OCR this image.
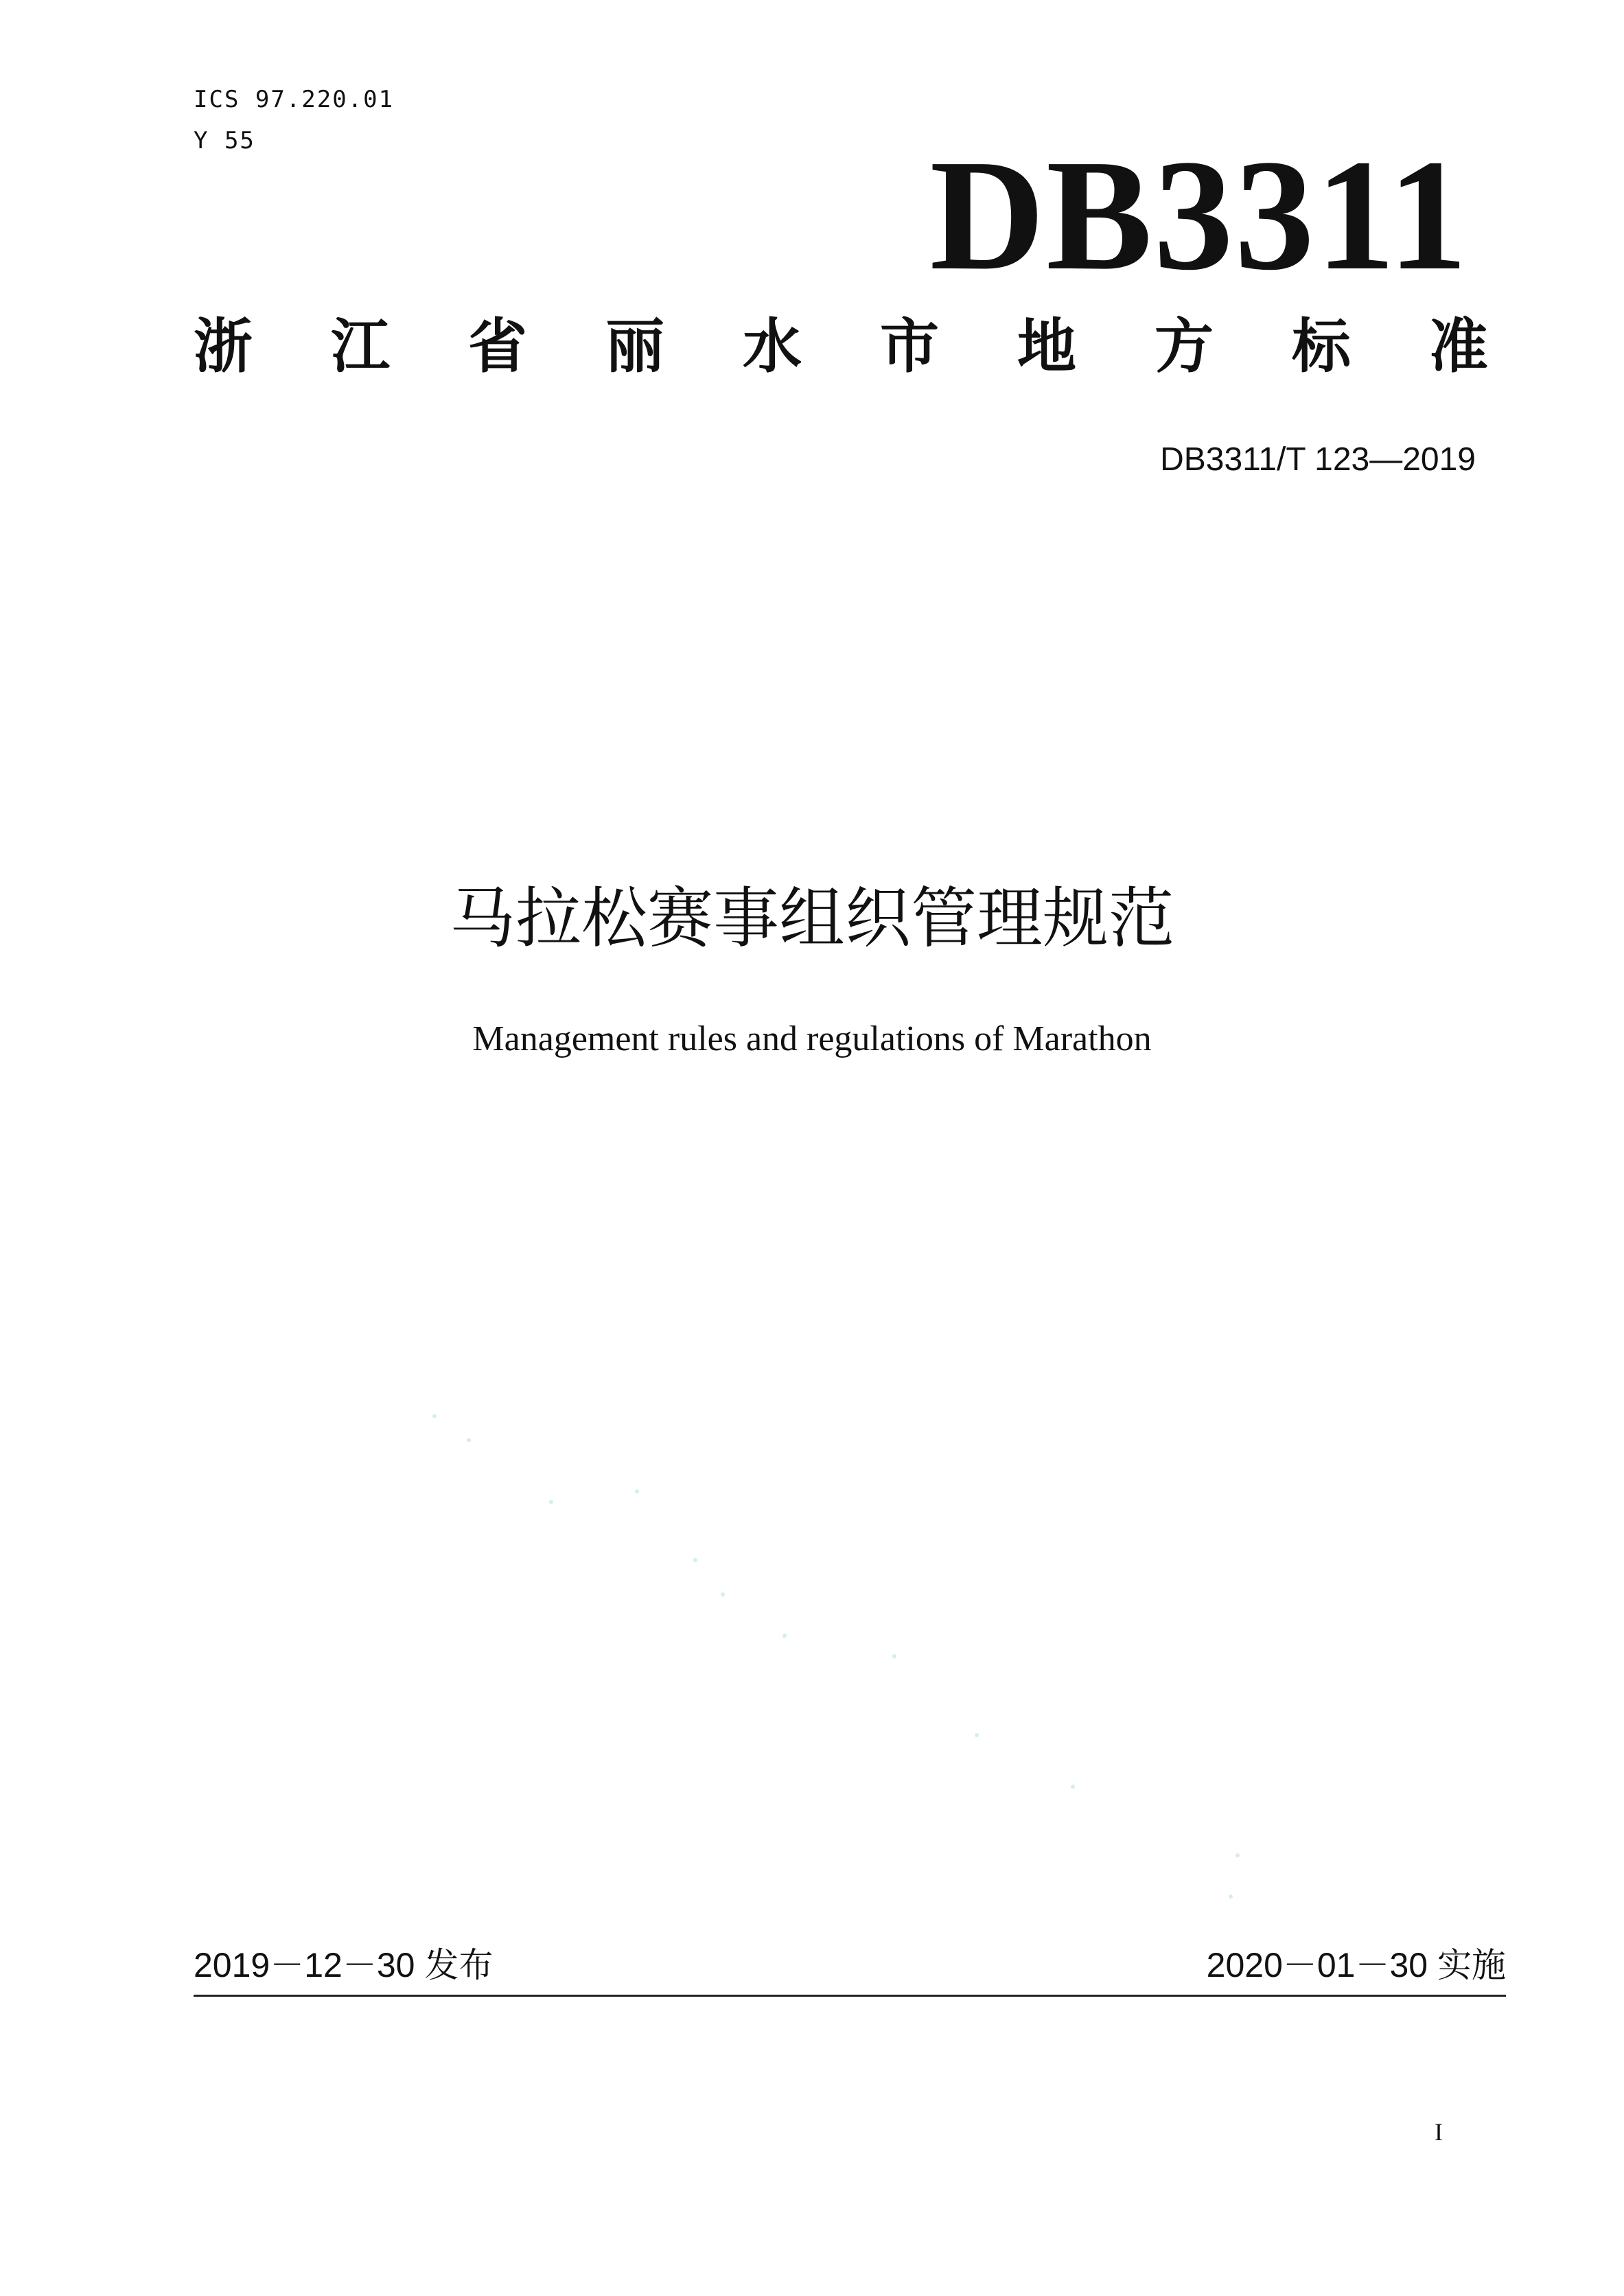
ICS 97.220.01
Y 55	DB3311
浙 江 省 丽 水 市 地 方 标 准
DB3311/T 123—2019
马拉松赛事组织管理规范
Management rules and regulations of Marathon
2019－12－30 发布	2020－01－30 实施
I
